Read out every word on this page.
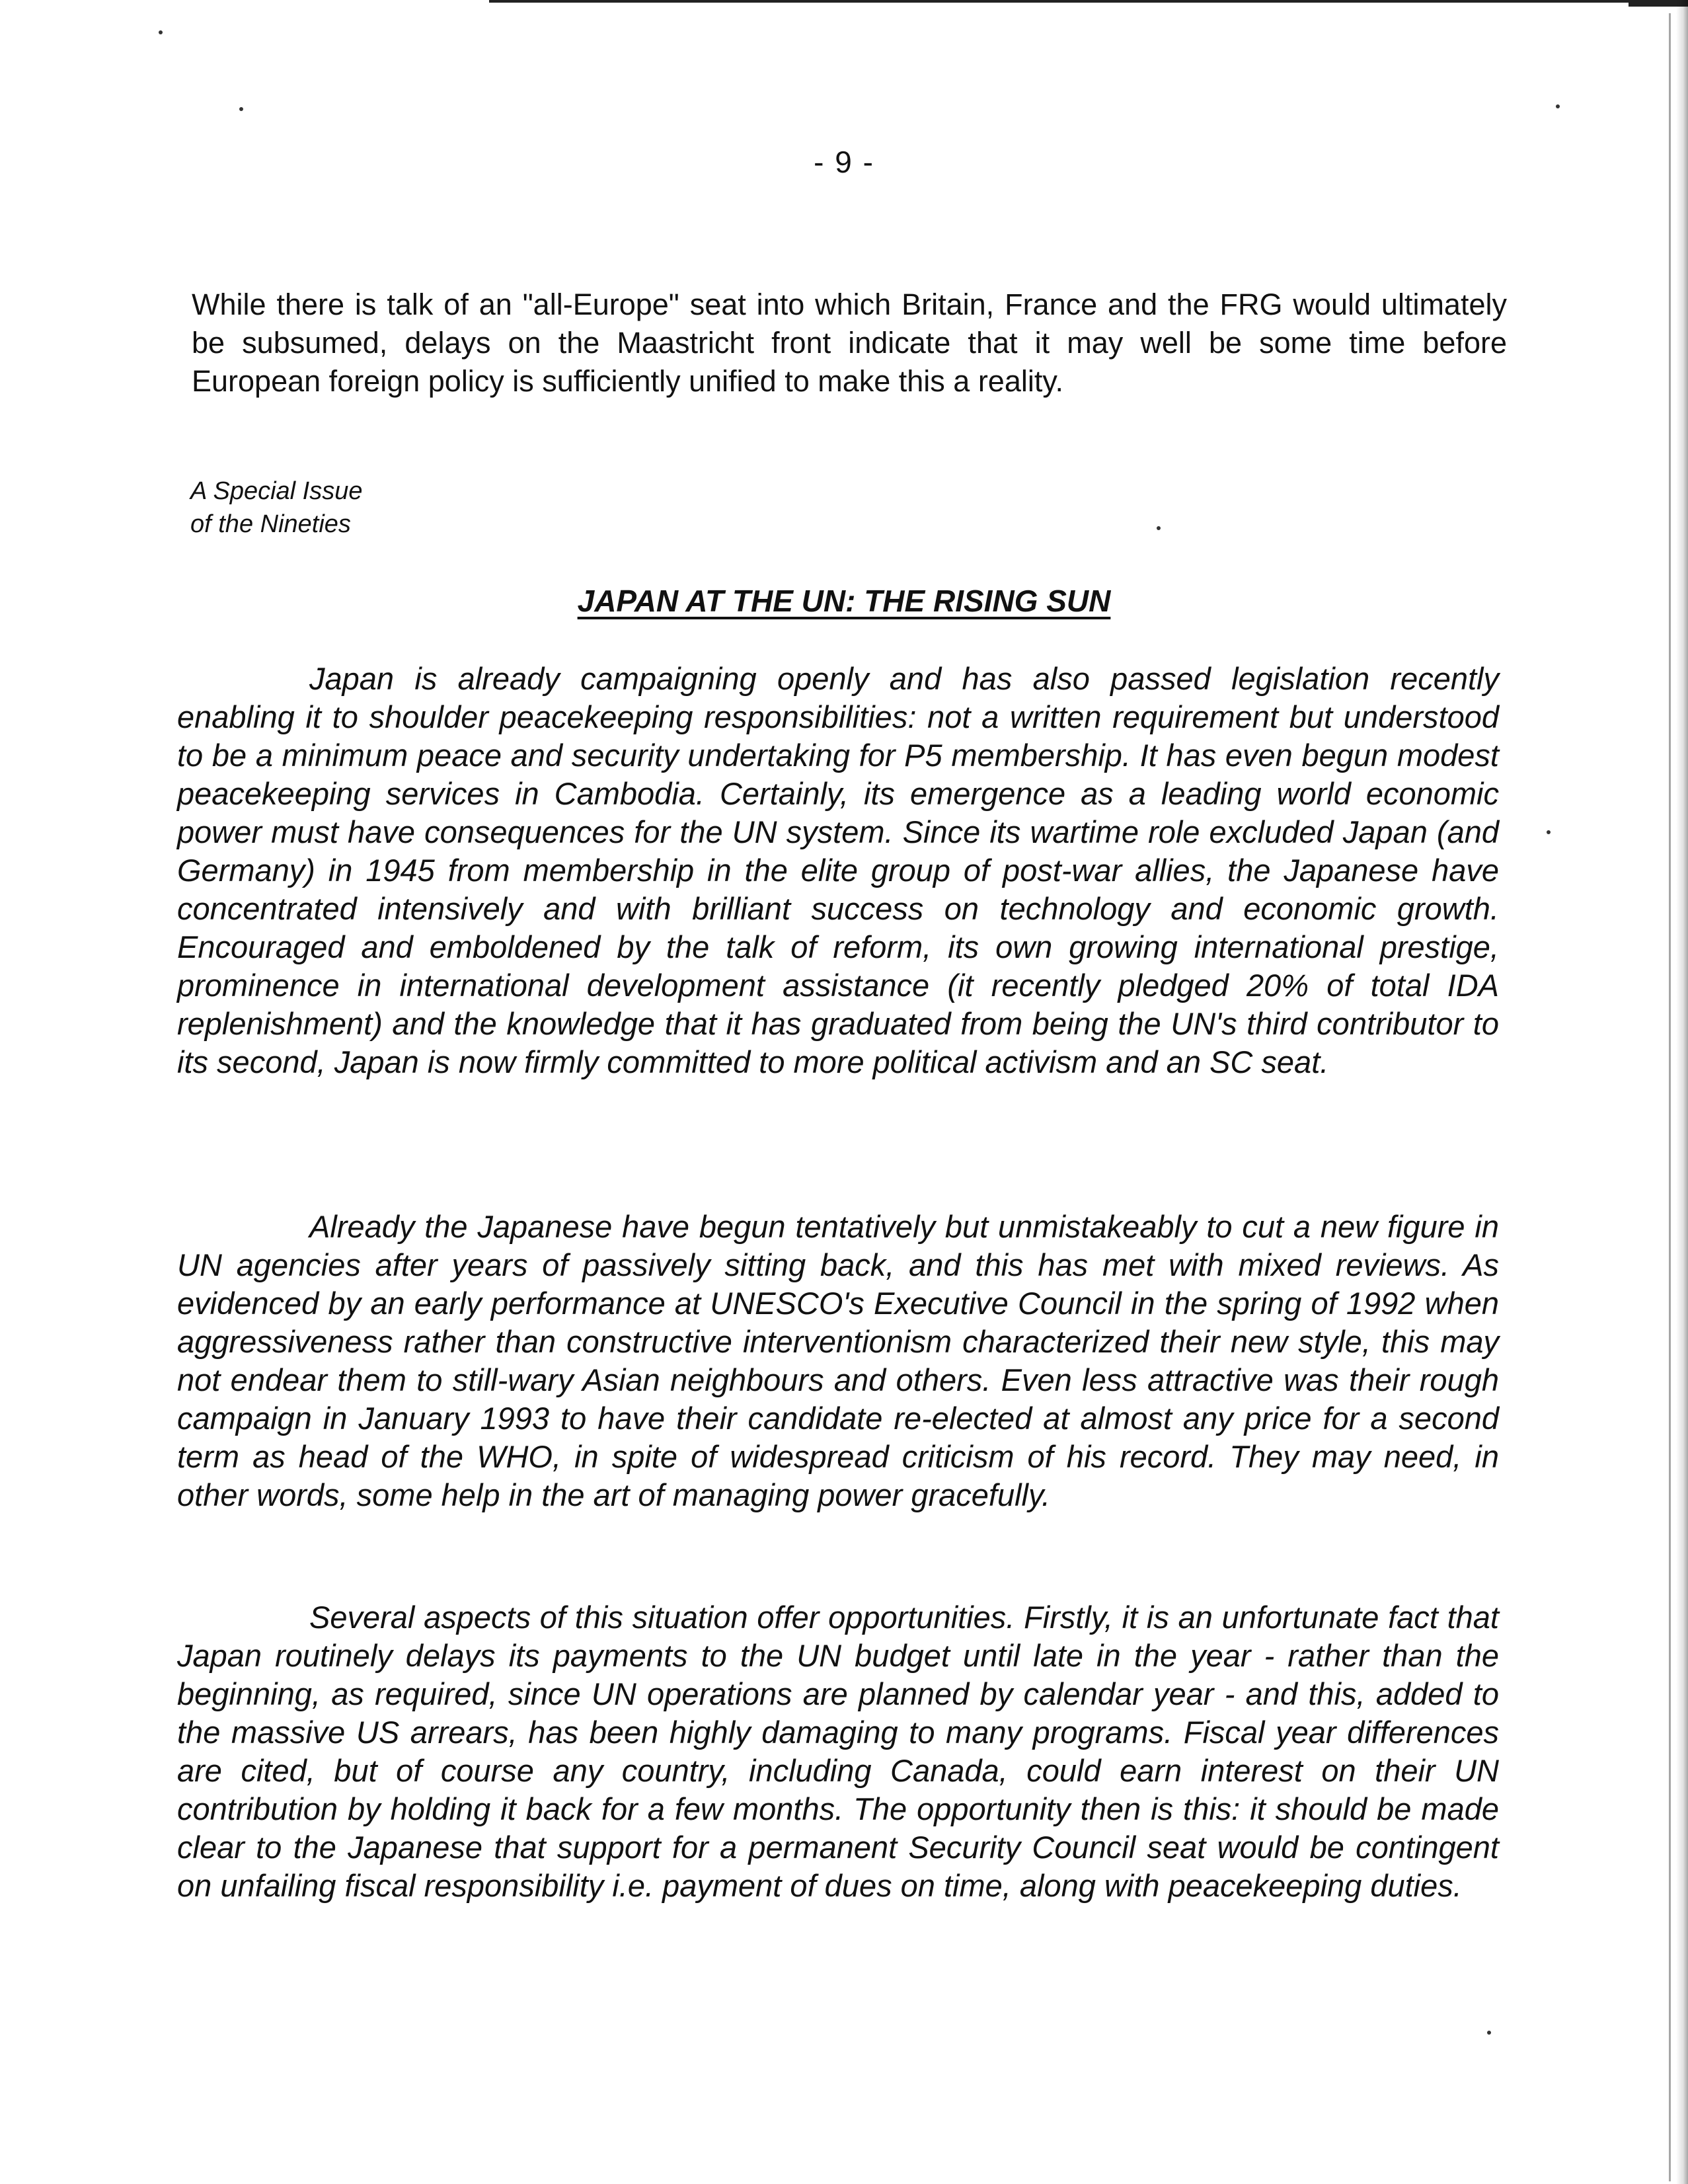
- 9 -

While there is talk of an "all-Europe" seat into which Britain, France and the FRG would ultimately be subsumed, delays on the Maastricht front indicate that it may well be some time before European foreign policy is sufficiently unified to make this a reality.

A Special Issue
of the Nineties
JAPAN AT THE UN: THE RISING SUN

Japan is already campaigning openly and has also passed legislation recently enabling it to shoulder peacekeeping responsibilities: not a written requirement but understood to be a minimum peace and security undertaking for P5 membership. It has even begun modest peacekeeping services in Cambodia. Certainly, its emergence as a leading world economic power must have consequences for the UN system. Since its wartime role excluded Japan (and Germany) in 1945 from membership in the elite group of post-war allies, the Japanese have concentrated intensively and with brilliant success on technology and economic growth. Encouraged and emboldened by the talk of reform, its own growing international prestige, prominence in international development assistance (it recently pledged 20% of total IDA replenishment) and the knowledge that it has graduated from being the UN's third contributor to its second, Japan is now firmly committed to more political activism and an SC seat.

Already the Japanese have begun tentatively but unmistakeably to cut a new figure in UN agencies after years of passively sitting back, and this has met with mixed reviews. As evidenced by an early performance at UNESCO's Executive Council in the spring of 1992 when aggressiveness rather than constructive interventionism characterized their new style, this may not endear them to still-wary Asian neighbours and others. Even less attractive was their rough campaign in January 1993 to have their candidate re-elected at almost any price for a second term as head of the WHO, in spite of widespread criticism of his record. They may need, in other words, some help in the art of managing power gracefully.

Several aspects of this situation offer opportunities. Firstly, it is an unfortunate fact that Japan routinely delays its payments to the UN budget until late in the year - rather than the beginning, as required, since UN operations are planned by calendar year - and this, added to the massive US arrears, has been highly damaging to many programs. Fiscal year differences are cited, but of course any country, including Canada, could earn interest on their UN contribution by holding it back for a few months. The opportunity then is this: it should be made clear to the Japanese that support for a permanent Security Council seat would be contingent on unfailing fiscal responsibility i.e. payment of dues on time, along with peacekeeping duties.
